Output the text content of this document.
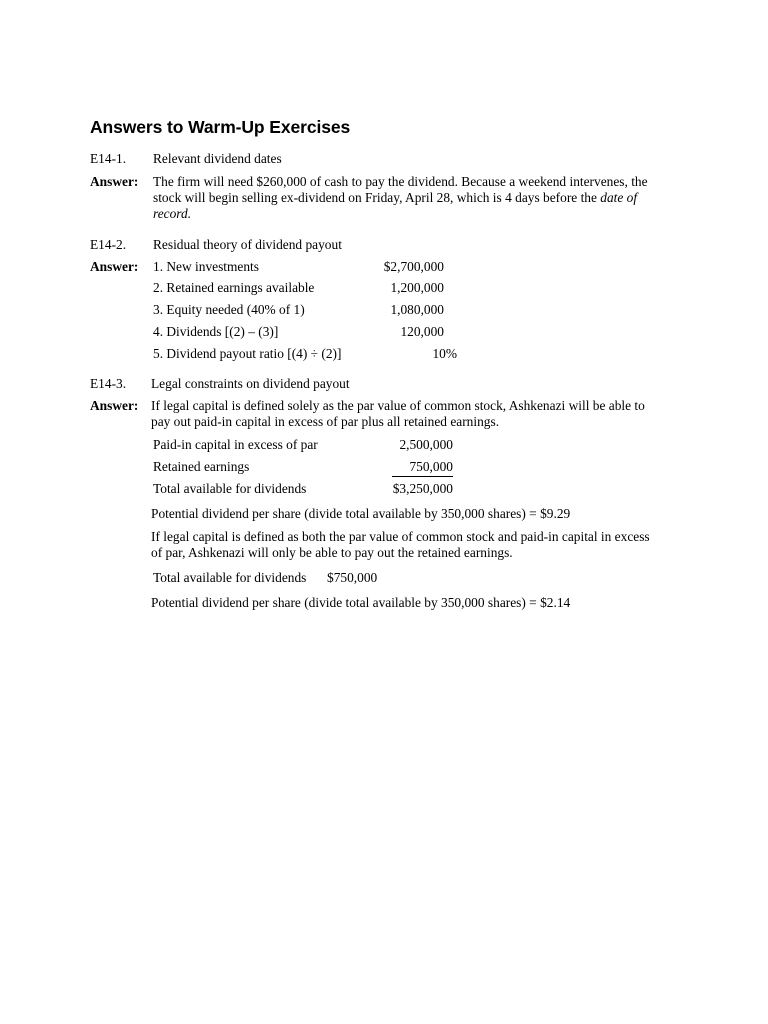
Answers to Warm-Up Exercises
E14-1. Relevant dividend dates
Answer: The firm will need $260,000 of cash to pay the dividend. Because a weekend intervenes, the
stock will begin selling ex-dividend on Friday, April 28, which is 4 days before the date of
record.
E14-2. Residual theory of dividend payout
Answer: 1. New investments	$2,700,000
2. Retained earnings available	1,200,000
3. Equity needed (40% of 1)	1,080,000
4. Dividends [(2) – (3)]	120,000
5. Dividend payout ratio [(4) ÷ (2)]	10%
E14-3. Legal constraints on dividend payout
Answer: If legal capital is defined solely as the par value of common stock, Ashkenazi will be able to
pay out paid-in capital in excess of par plus all retained earnings.
Paid-in capital in excess of par	2,500,000
Retained earnings	750,000
Total available for dividends	$3,250,000
Potential dividend per share (divide total available by 350,000 shares) = $9.29
If legal capital is defined as both the par value of common stock and paid-in capital in excess
of par, Ashkenazi will only be able to pay out the retained earnings.
Total available for dividends $750,000
Potential dividend per share (divide total available by 350,000 shares) = $2.14
